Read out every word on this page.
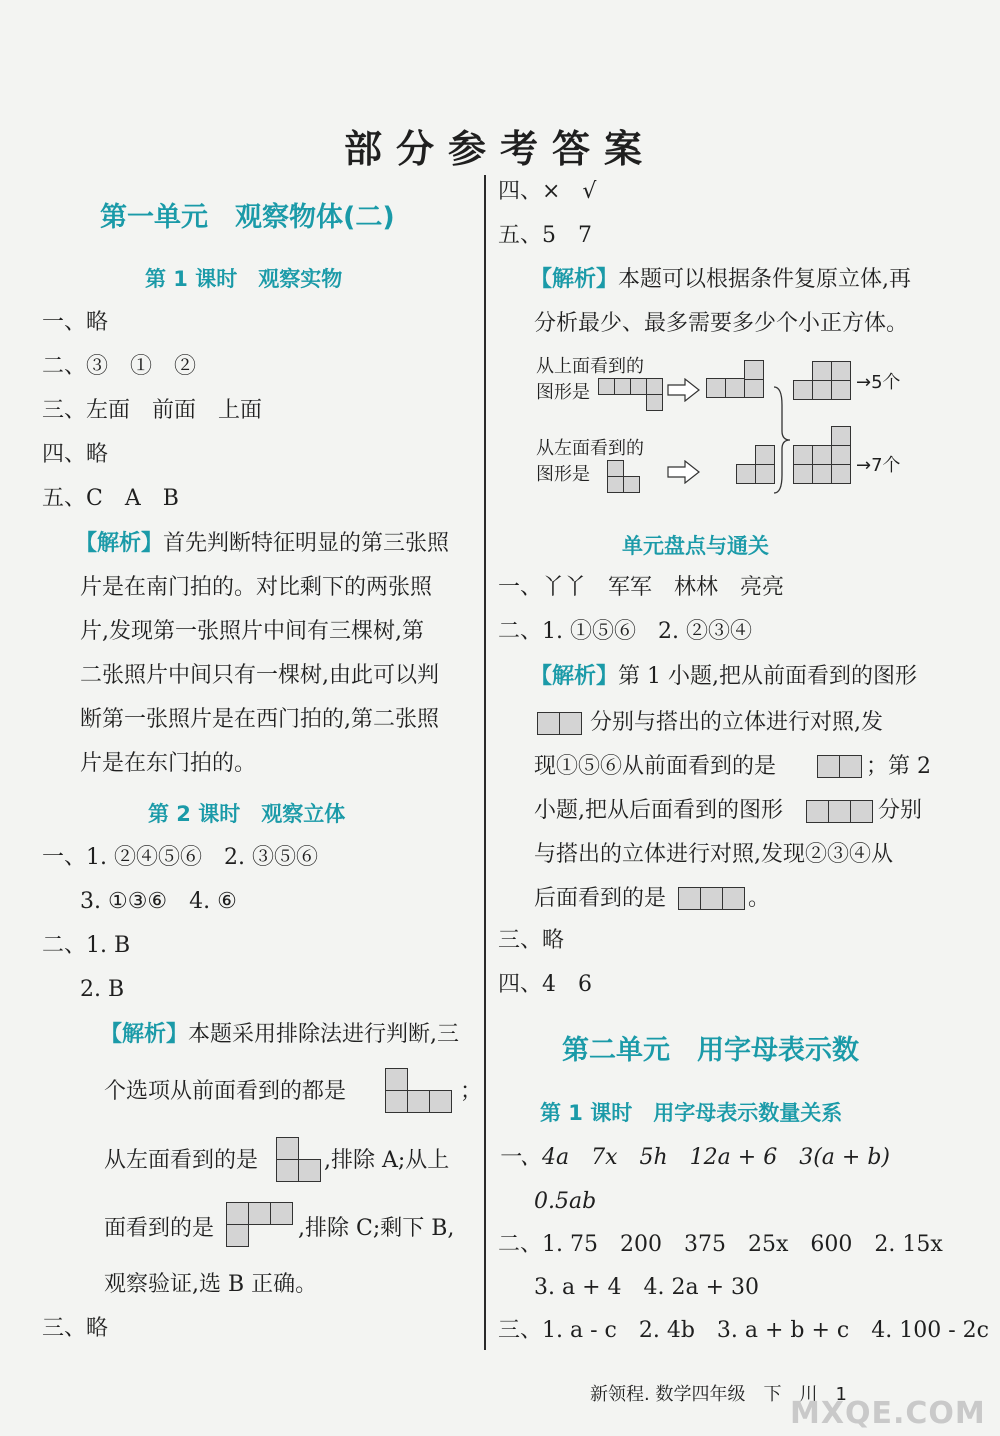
部分参考答案
第一单元　观察物体(二)
第 1 课时　观察实物
一、略
二、③　①　②
三、左面　前面　上面
四、略
五、C　A　B
【解析】首先判断特征明显的第三张照
片是在南门拍的。对比剩下的两张照
片,发现第一张照片中间有三棵树,第
二张照片中间只有一棵树,由此可以判
断第一张照片是在西门拍的,第二张照
片是在东门拍的。
第 2 课时　观察立体
一、1. ②④⑤⑥　2. ③⑤⑥
3. ①③⑥　4. ⑥
二、1. B
2. B
【解析】本题采用排除法进行判断,三
个选项从前面看到的都是	；
从左面看到的是	,排除 A;从上
面看到的是	,排除 C;剩下 B,
观察验证,选 B 正确。
三、略
四、×　√
五、5　7
【解析】本题可以根据条件复原立体,再
分析最少、最多需要多少个小正方体。
从上面看到的
图形是	→5个
从左面看到的
图形是	→7个
单元盘点与通关
一、丫丫　军军　林林　亮亮
二、1. ①⑤⑥　2. ②③④
【解析】第 1 小题,把从前面看到的图形
分别与搭出的立体进行对照,发
现①⑤⑥从前面看到的是	；第 2
小题,把从后面看到的图形	分别
与搭出的立体进行对照,发现②③④从
后面看到的是	。
三、略
四、4　6
第二单元　用字母表示数
第 1 课时　用字母表示数量关系
一、4a　7x　5h　12a + 6　3(a + b)
0.5ab
二、1. 75　200　375　25x　600　2. 15x
3. a + 4　4. 2a + 30
三、1. a - c　2. 4b　3. a + b + c　4. 100 - 2c
新领程. 数学四年级　下　川　1
MXQE.COM
